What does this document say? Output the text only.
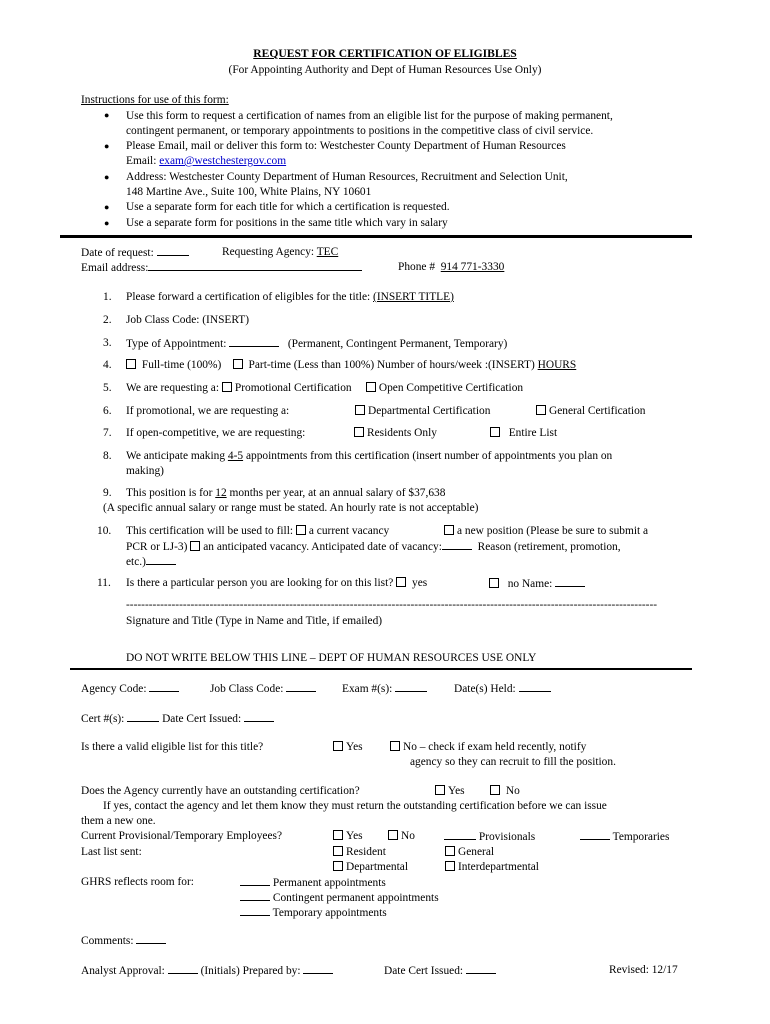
REQUEST FOR CERTIFICATION OF ELIGIBLES
(For Appointing Authority and Dept of Human Resources Use Only)
Instructions for use of this form:
● Use this form to request a certification of names from an eligible list for the purpose of making permanent,
contingent permanent, or temporary appointments to positions in the competitive class of civil service.
● Please Email, mail or deliver this form to: Westchester County Department of Human Resources
Email: exam@westchestergov.com
● Address: Westchester County Department of Human Resources, Recruitment and Selection Unit,
148 Martine Ave., Suite 100, White Plains, NY 10601
● Use a separate form for each title for which a certification is requested.
● Use a separate form for positions in the same title which vary in salary
Date of request:	Requesting Agency: TEC
Email address:	Phone # 914 771-3330
1. Please forward a certification of eligibles for the title: (INSERT TITLE)
2. Job Class Code: (INSERT)
3. Type of Appointment:	(Permanent, Contingent Permanent, Temporary)
4.	Full-time (100%) Part-time (Less than 100%) Number of hours/week :(INSERT) HOURS
5. We are requesting a: Promotional Certification Open Competitive Certification
6. If promotional, we are requesting a:	Departmental Certification	General Certification
7. If open-competitive, we are requesting:	Residents Only	Entire List
8. We anticipate making 4-5 appointments from this certification (insert number of appointments you plan on
making)
9. This position is for 12 months per year, at an annual salary of $37,638
(A specific annual salary or range must be stated. An hourly rate is not acceptable)
10. This certification will be used to fill: a current vacancy	a new position (Please be sure to submit a
PCR or LJ-3) an anticipated vacancy. Anticipated date of vacancy:	Reason (retirement, promotion,
etc.)
11. Is there a particular person you are looking for on this list? yes	no Name:
--------------------------------------------------------------------------------------------------------------------------------------------
Signature and Title (Type in Name and Title, if emailed)
DO NOT WRITE BELOW THIS LINE – DEPT OF HUMAN RESOURCES USE ONLY
Agency Code:	Job Class Code:	Exam #(s):	Date(s) Held:
Cert #(s):	Date Cert Issued:
Is there a valid eligible list for this title?	Yes	No – check if exam held recently, notify
agency so they can recruit to fill the position.
Does the Agency currently have an outstanding certification?	Yes	No
If yes, contact the agency and let them know they must return the outstanding certification before we can issue
them a new one.
Current Provisional/Temporary Employees?	Yes	No	Provisionals	Temporaries
Last list sent:	Resident	General
Departmental	Interdepartmental
GHRS reflects room for:	Permanent appointments
Contingent permanent appointments
Temporary appointments
Comments:
Analyst Approval:	(Initials) Prepared by:	Date Cert Issued:	Revised: 12/17
